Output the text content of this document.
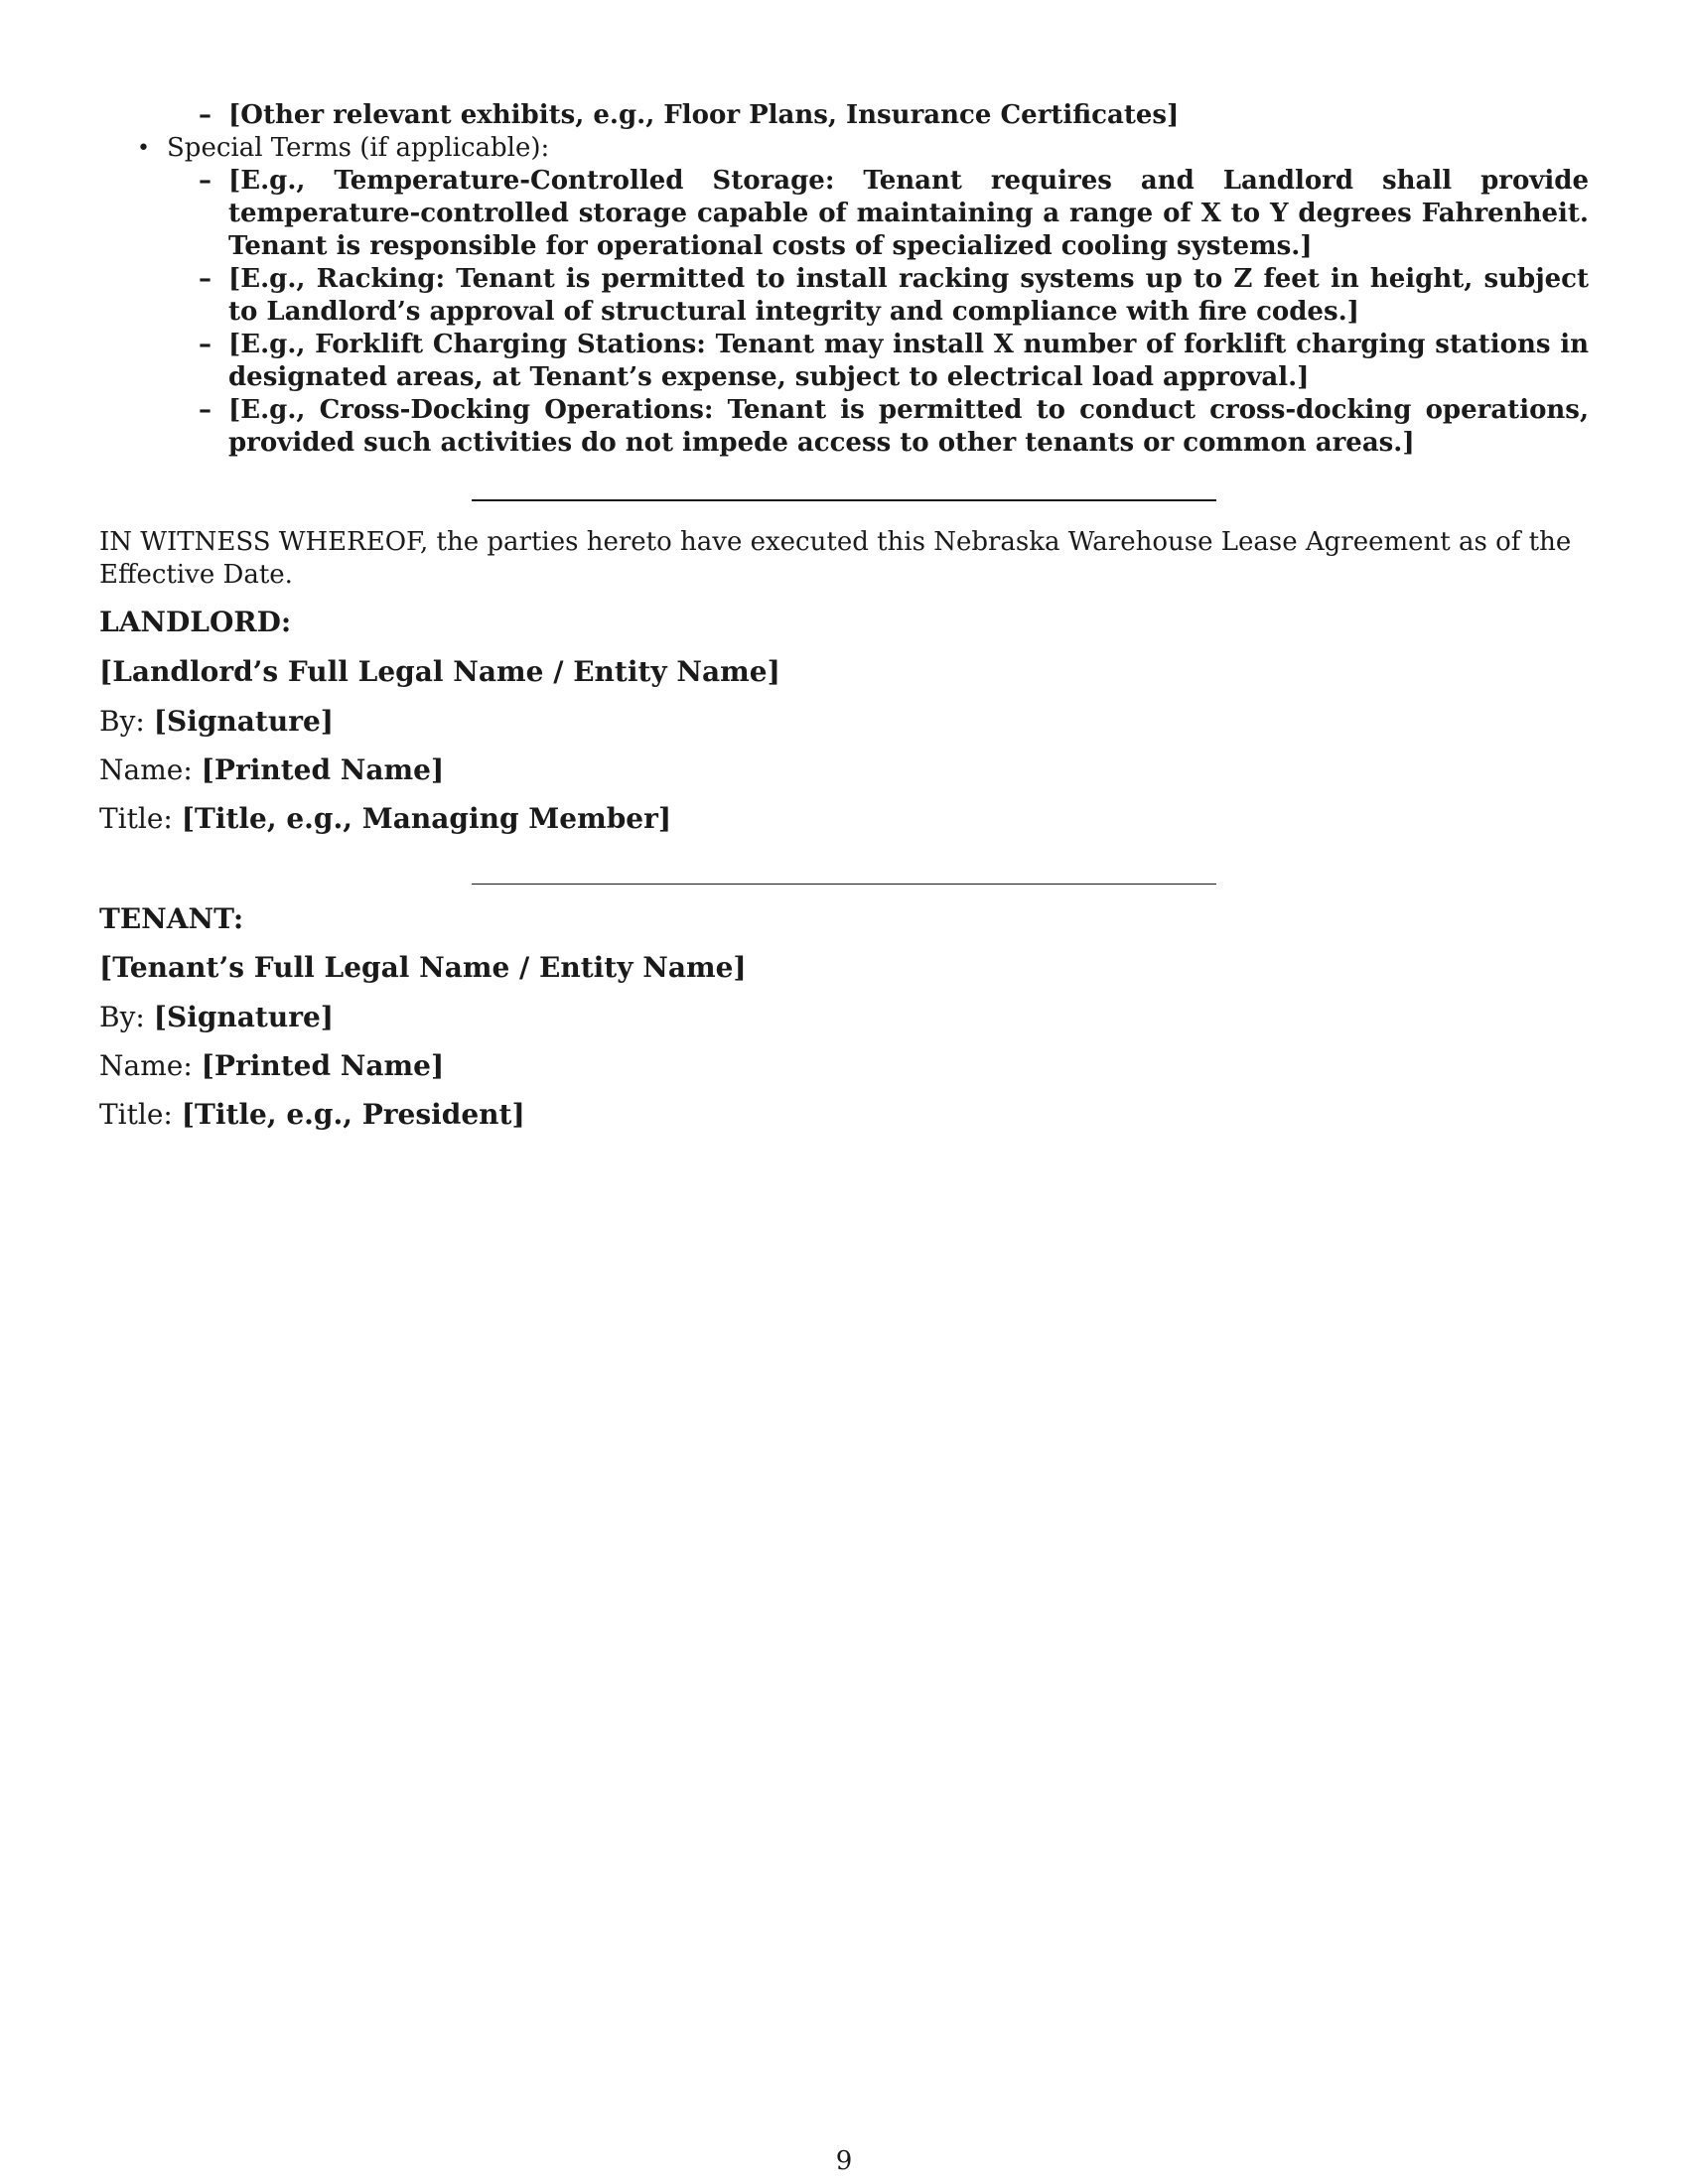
– [Other relevant exhibits, e.g., Floor Plans, Insurance Certificates]
• Special Terms (if applicable):
– [E.g., Temperature-Controlled Storage: Tenant requires and Landlord shall provide temperature-controlled storage capable of maintaining a range of X to Y degrees Fahrenheit. Tenant is responsible for operational costs of specialized cooling systems.]
– [E.g., Racking: Tenant is permitted to install racking systems up to Z feet in height, subject to Landlord’s approval of structural integrity and compliance with fire codes.]
– [E.g., Forklift Charging Stations: Tenant may install X number of forklift charging stations in designated areas, at Tenant’s expense, subject to electrical load approval.]
– [E.g., Cross-Docking Operations: Tenant is permitted to conduct cross-docking operations, provided such activities do not impede access to other tenants or common areas.]
IN WITNESS WHEREOF, the parties hereto have executed this Nebraska Warehouse Lease Agreement as of the Effective Date.
LANDLORD:
[Landlord’s Full Legal Name / Entity Name]
By: [Signature]
Name: [Printed Name]
Title: [Title, e.g., Managing Member]
TENANT:
[Tenant’s Full Legal Name / Entity Name]
By: [Signature]
Name: [Printed Name]
Title: [Title, e.g., President]
9
